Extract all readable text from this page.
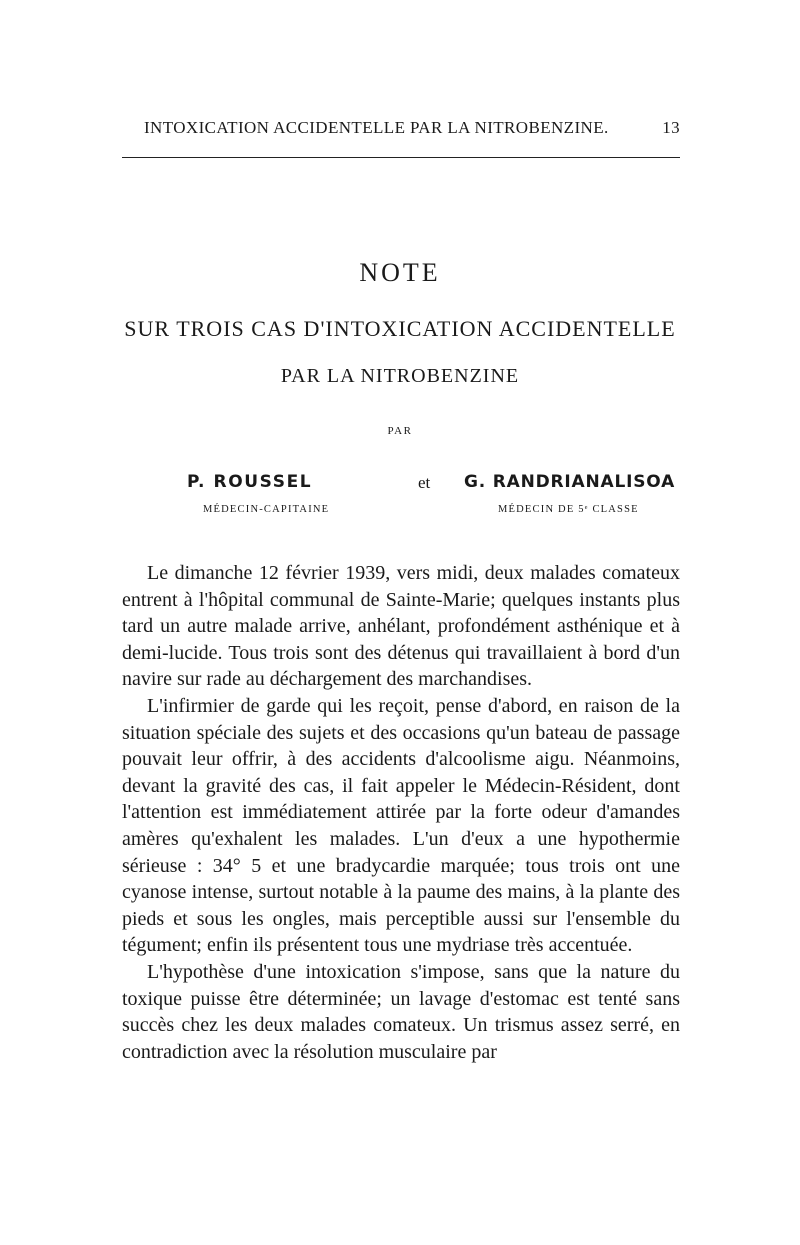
INTOXICATION ACCIDENTELLE PAR LA NITROBENZINE.	13
NOTE
SUR TROIS CAS D'INTOXICATION ACCIDENTELLE
PAR LA NITROBENZINE
PAR
P. ROUSSEL	et G. RANDRIANALISOA
MÉDECIN-CAPITAINE	MÉDECIN DE 5ᵉ CLASSE

Le dimanche 12 février 1939, vers midi, deux malades comateux entrent à l'hôpital communal de Sainte-Marie; quelques instants plus tard un autre malade arrive, anhélant, profondément asthénique et à demi-lucide. Tous trois sont des détenus qui travaillaient à bord d'un navire sur rade au déchargement des marchandises.

L'infirmier de garde qui les reçoit, pense d'abord, en raison de la situation spéciale des sujets et des occasions qu'un bateau de passage pouvait leur offrir, à des accidents d'alcoolisme aigu. Néanmoins, devant la gravité des cas, il fait appeler le Médecin-Résident, dont l'attention est immédiatement attirée par la forte odeur d'amandes amères qu'exhalent les malades. L'un d'eux a une hypothermie sérieuse : 34° 5 et une bradycardie marquée; tous trois ont une cyanose intense, surtout notable à la paume des mains, à la plante des pieds et sous les ongles, mais perceptible aussi sur l'ensemble du tégument; enfin ils présentent tous une mydriase très accentuée.

L'hypothèse d'une intoxication s'impose, sans que la nature du toxique puisse être déterminée; un lavage d'estomac est tenté sans succès chez les deux malades comateux. Un trismus assez serré, en contradiction avec la résolution musculaire par
